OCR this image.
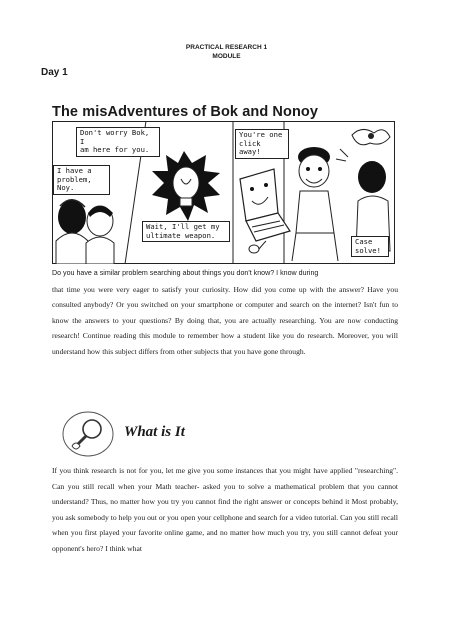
PRACTICAL RESEARCH 1
MODULE
Day 1
The misAdventures of Bok and Nonoy
Don't worry Bok, I
am here for you.
I have a
problem, Noy.
Wait, I'll get my
ultimate weapon.
You're one
click away!
Case
solve!

Do you have a similar problem searching about things you don't know? I know during

that time you were very eager to satisfy your curiosity. How did you come up with the answer? Have you consulted anybody? Or you switched on your smartphone or computer and search on the internet? Isn't fun to know the answers to your questions? By doing that, you are actually researching. You are now conducting research! Continue reading this module to remember how a student like you do research. Moreover, you will understand how this subject differs from other subjects that you have gone through.

What is It
If you think research is not for you, let me give you some instances that you might have applied "researching". Can you still recall when your Math teacher- asked you to solve a mathematical problem that you cannot understand? Thus, no matter how you try you cannot find the right answer or concepts behind it Most probably, you ask somebody to help you out or you open your cellphone and search for a video tutorial. Can you still recall when you first played your favorite online game, and no matter how much you try, you still cannot defeat your opponent's hero? I think what
